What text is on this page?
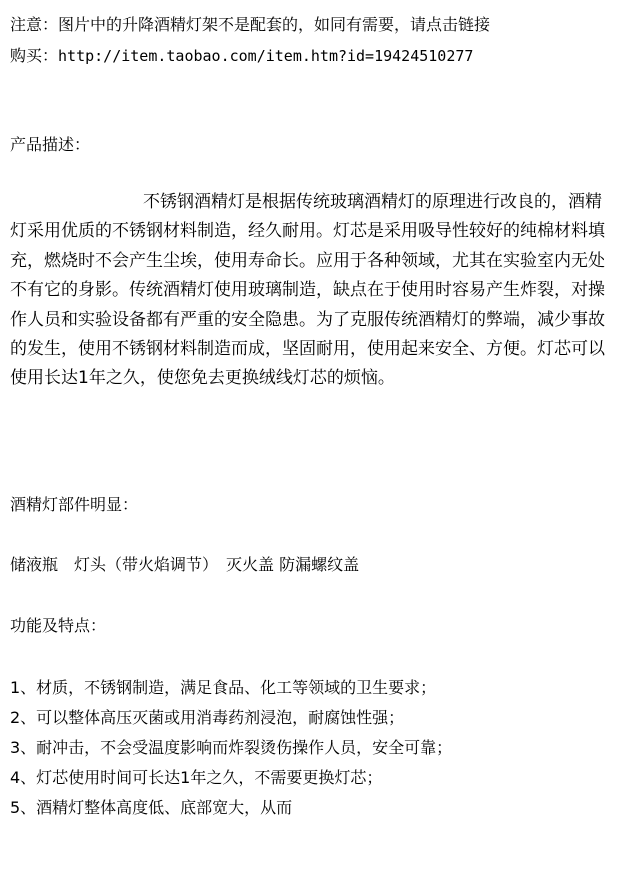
注意：图片中的升降酒精灯架不是配套的，如同有需要，请点击链接
购买：http://item.taobao.com/item.htm?id=19424510277
产品描述：
不锈钢酒精灯是根据传统玻璃酒精灯的原理进行改良的，酒精灯采用优质的不锈钢材料制造，经久耐用。灯芯是采用吸导性较好的纯棉材料填充，燃烧时不会产生尘埃，使用寿命长。应用于各种领域，尤其在实验室内无处不有它的身影。传统酒精灯使用玻璃制造，缺点在于使用时容易产生炸裂，对操作人员和实验设备都有严重的安全隐患。为了克服传统酒精灯的弊端，减少事故的发生，使用不锈钢材料制造而成，坚固耐用，使用起来安全、方便。灯芯可以使用长达1年之久，使您免去更换绒线灯芯的烦恼。
酒精灯部件明显：
储液瓶　灯头（带火焰调节）　灭火盖 防漏螺纹盖
功能及特点：
1、材质，不锈钢制造，满足食品、化工等领域的卫生要求；
2、可以整体高压灭菌或用消毒药剂浸泡，耐腐蚀性强；
3、耐冲击，不会受温度影响而炸裂烫伤操作人员，安全可靠；
4、灯芯使用时间可长达1年之久，不需要更换灯芯；
5、酒精灯整体高度低、底部宽大，从而
